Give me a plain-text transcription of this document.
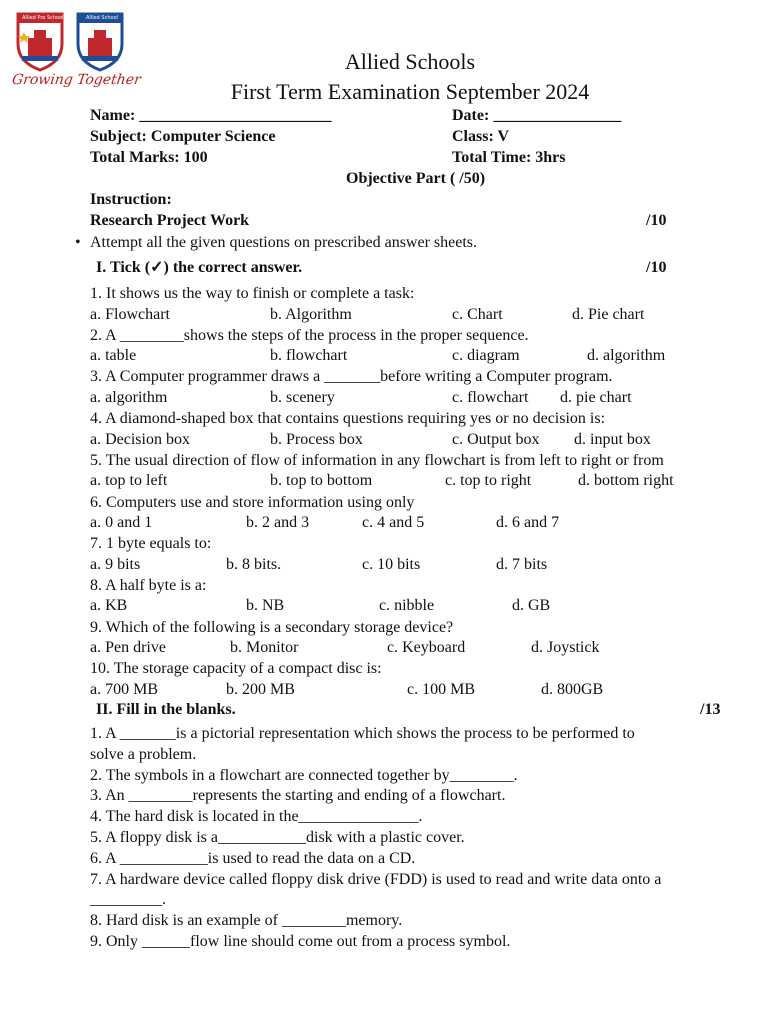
Allied Pre School	Allied School
Growing Together
Allied Schools
First Term Examination September 2024
Name: ________________________	Date: ________________
Subject: Computer Science	Class: V
Total Marks: 100	Total Time: 3hrs
Objective Part ( /50)
Instruction:
Research Project Work	/10
• Attempt all the given questions on prescribed answer sheets.
I. Tick (✓) the correct answer.	/10
1. It shows us the way to finish or complete a task:
a. Flowchart	b. Algorithm	c. Chart	d. Pie chart
2. A ________shows the steps of the process in the proper sequence.
a. table	b. flowchart	c. diagram	d. algorithm
3. A Computer programmer draws a _______before writing a Computer program.
a. algorithm	b. scenery	c. flowchart d. pie chart
4. A diamond-shaped box that contains questions requiring yes or no decision is:
a. Decision box	b. Process box	c. Output box d. input box
5. The usual direction of flow of information in any flowchart is from left to right or from
a. top to left	b. top to bottom	c. top to right	d. bottom right
6. Computers use and store information using only
a. 0 and 1	b. 2 and 3	c. 4 and 5	d. 6 and 7
7. 1 byte equals to:
a. 9 bits	b. 8 bits.	c. 10 bits	d. 7 bits
8. A half byte is a:
a. KB	b. NB	c. nibble	d. GB
9. Which of the following is a secondary storage device?
a. Pen drive	b. Monitor	c. Keyboard	d. Joystick
10. The storage capacity of a compact disc is:
a. 700 MB	b. 200 MB	c. 100 MB	d. 800GB
II. Fill in the blanks.	/13
1. A _______is a pictorial representation which shows the process to be performed to
solve a problem.
2. The symbols in a flowchart are connected together by________.
3. An ________represents the starting and ending of a flowchart.
4. The hard disk is located in the_______________.
5. A floppy disk is a___________disk with a plastic cover.
6. A ___________is used to read the data on a CD.
7. A hardware device called floppy disk drive (FDD) is used to read and write data onto a
_________.
8. Hard disk is an example of ________memory.
9. Only ______flow line should come out from a process symbol.
